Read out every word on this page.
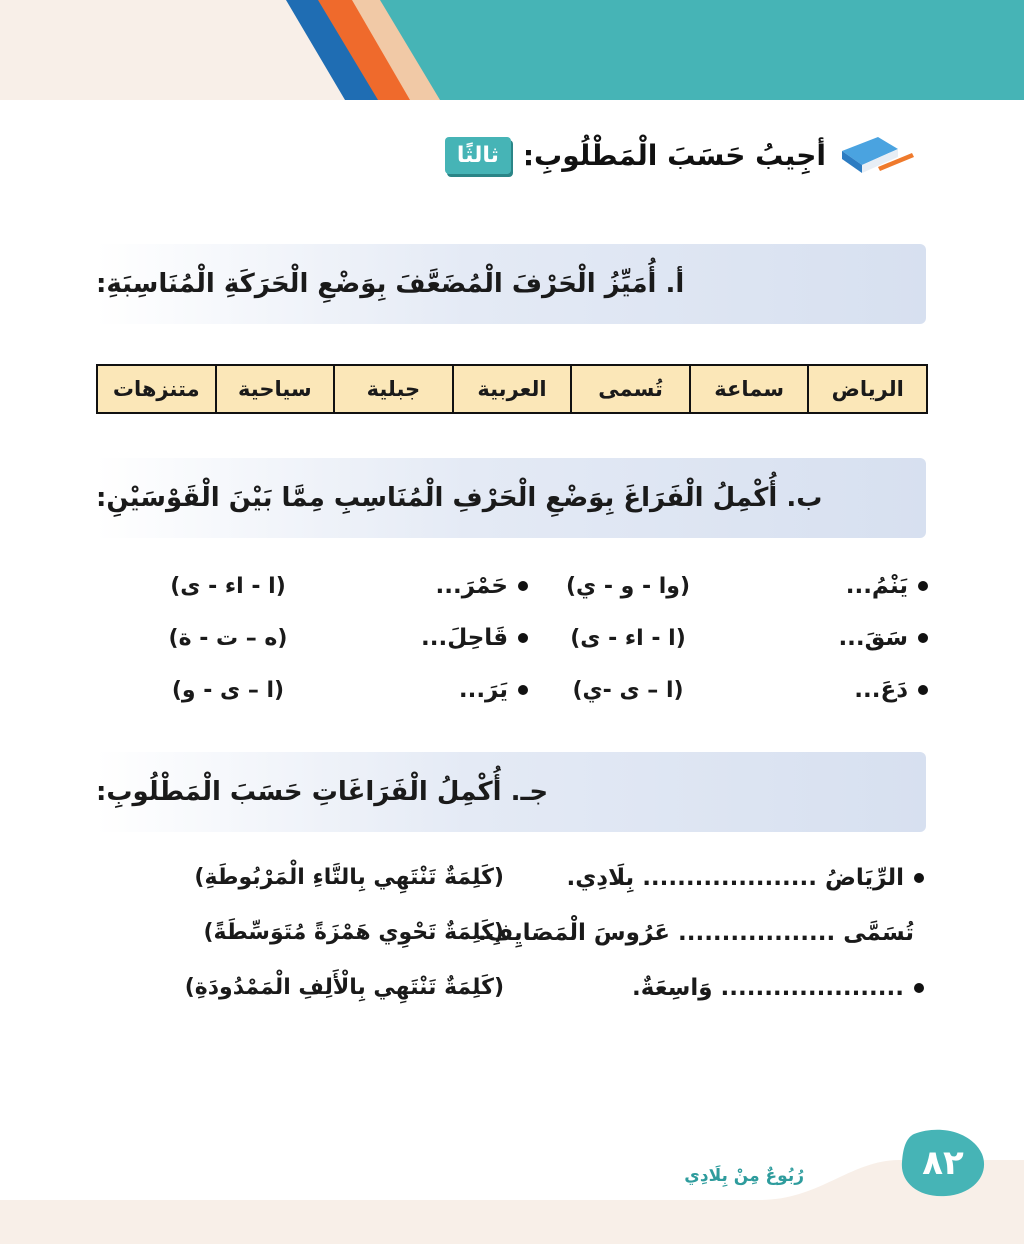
ثالثًا أجِيبُ حَسَبَ الْمَطْلُوبِ:
أ. أُمَيِّزُ الْحَرْفَ الْمُضَعَّفَ بِوَضْعِ الْحَرَكَةِ الْمُنَاسِبَةِ:
الرياض
سماعة
تُسمى
العربية
جبلية
سياحية
متنزهات
ب. أُكْمِلُ الْفَرَاغَ بِوَضْعِ الْحَرْفِ الْمُنَاسِبِ مِمَّا بَيْنَ الْقَوْسَيْنِ:
يَنْمُ...
(وا - و - ي)
حَمْرَ...
(ا - اء - ى)
سَقَ...
(ا - اء - ى)
قَاحِلَ...
(ه – ت - ة)
دَعَ...
(ا – ى -ي)
يَرَ...
(ا – ى - و)
جـ. أُكْمِلُ الْفَرَاغَاتِ حَسَبَ الْمَطْلُوبِ:
الرِّيَاضُ .................... بِلَادِي.
(كَلِمَةٌ تَنْتَهِي بِالتَّاءِ الْمَرْبُوطَةِ)
تُسَمَّى .................. عَرُوسَ الْمَصَايِفِ.
(كَلِمَةٌ تَحْوِي هَمْزَةً مُتَوَسِّطَةً)
..................... وَاسِعَةٌ.
(كَلِمَةٌ تَنْتَهِي بِالْأَلِفِ الْمَمْدُودَةِ)
رُبُوعٌ مِنْ بِلَادِي	٨٢
